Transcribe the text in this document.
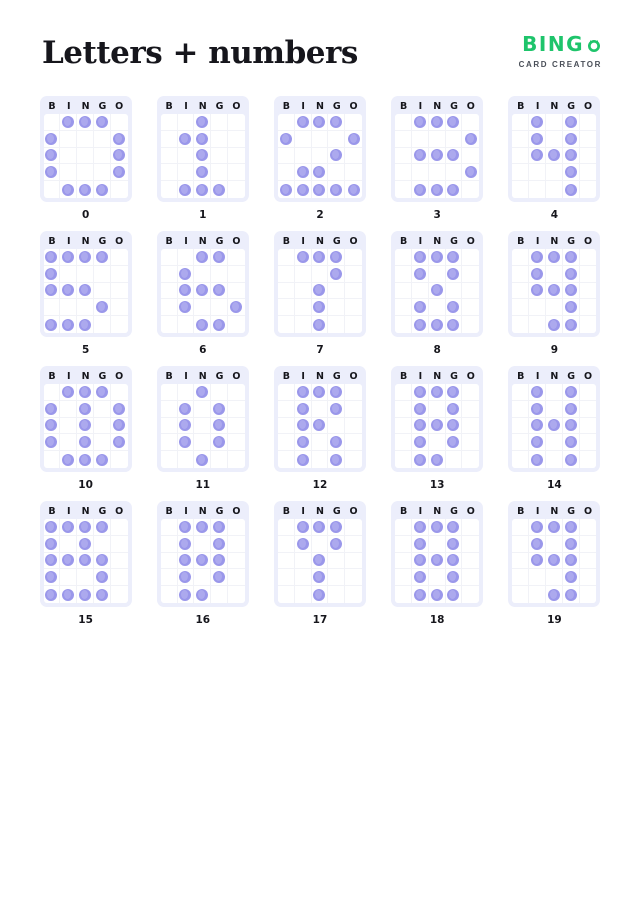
Letters + numbers	BING
CARD CREATOR
B	I	N G O
0
B	I	N G O
1
B	I	N G O
2
B	I	N G O
3
B	I	N G O
4
B	I	N G O
5
B	I	N G O
6
B	I	N G O
7
B	I	N G O
8
B	I	N G O
9
B	I	N G O
10
B	I	N G O
11
B	I	N G O
12
B	I	N G O
13
B	I	N G O
14
B	I	N G O
15
B	I	N G O
16
B	I	N G O
17
B	I	N G O
18
B	I	N G O
19
